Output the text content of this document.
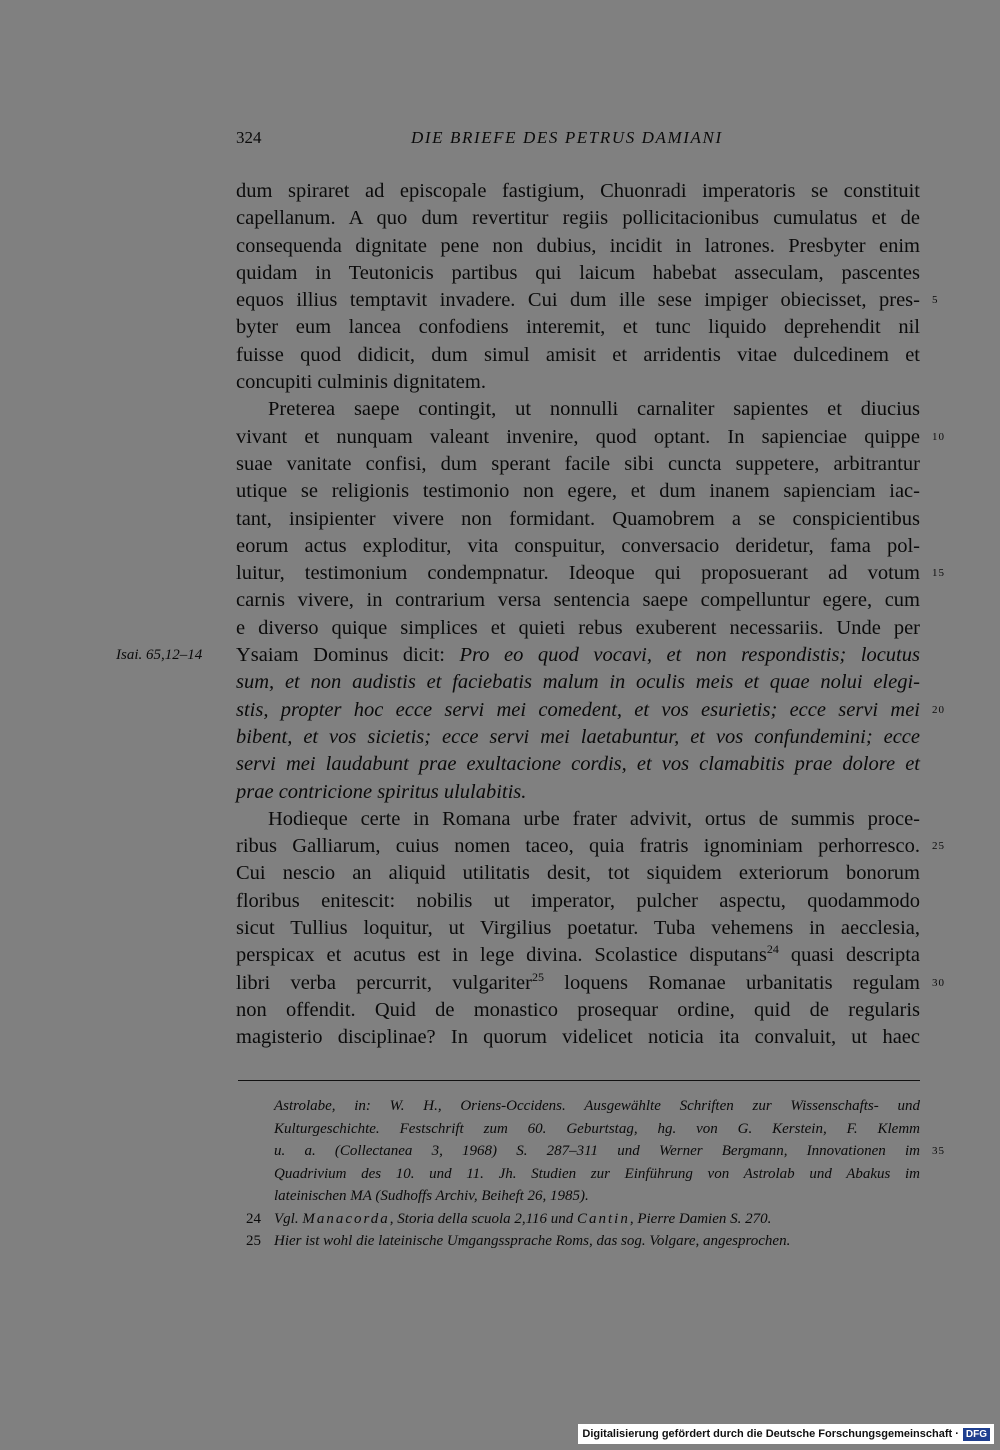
324	DIE BRIEFE DES PETRUS DAMIANI
dum spiraret ad episcopale fastigium, Chuonradi imperatoris se constituit
capellanum. A quo dum revertitur regiis pollicitacionibus cumulatus et de
consequenda dignitate pene non dubius, incidit in latrones. Presbyter enim
quidam in Teutonicis partibus qui laicum habebat asseculam, pascentes
equos illius temptavit invadere. Cui dum ille sese impiger obiecisset, pres- 5
byter eum lancea confodiens interemit, et tunc liquido deprehendit nil
fuisse quod didicit, dum simul amisit et arridentis vitae dulcedinem et
concupiti culminis dignitatem.
Preterea saepe contingit, ut nonnulli carnaliter sapientes et diucius
vivant et nunquam valeant invenire, quod optant. In sapienciae quippe 10
suae vanitate confisi, dum sperant facile sibi cuncta suppetere, arbitrantur
utique se religionis testimonio non egere, et dum inanem sapienciam iac-
tant, insipienter vivere non formidant. Quamobrem a se conspicientibus
eorum actus exploditur, vita conspuitur, conversacio deridetur, fama pol-
luitur, testimonium condempnatur. Ideoque qui proposuerant ad votum 15
carnis vivere, in contrarium versa sentencia saepe compelluntur egere, cum
e diverso quique simplices et quieti rebus exuberent necessariis. Unde per
Isai. 65,12–14 Ysaiam Dominus dicit: Pro eo quod vocavi, et non respondistis; locutus
sum, et non audistis et faciebatis malum in oculis meis et quae nolui elegi-
stis, propter hoc ecce servi mei comedent, et vos esurietis; ecce servi mei 20
bibent, et vos sicietis; ecce servi mei laetabuntur, et vos confundemini; ecce
servi mei laudabunt prae exultacione cordis, et vos clamabitis prae dolore et
prae contricione spiritus ululabitis.
Hodieque certe in Romana urbe frater advivit, ortus de summis proce-
ribus Galliarum, cuius nomen taceo, quia fratris ignominiam perhorresco. 25
Cui nescio an aliquid utilitatis desit, tot siquidem exteriorum bonorum
floribus enitescit: nobilis ut imperator, pulcher aspectu, quodammodo
sicut Tullius loquitur, ut Virgilius poetatur. Tuba vehemens in aecclesia,
perspicax et acutus est in lege divina. Scolastice disputans$^{24}$ quasi descripta
libri verba percurrit, vulgariter$^{25}$ loquens Romanae urbanitatis regulam 30
non offendit. Quid de monastico prosequar ordine, quid de regularis
magisterio disciplinae? In quorum videlicet noticia ita convaluit, ut haec
Astrolabe, in: W. H., Oriens-Occidens. Ausgewählte Schriften zur Wissenschafts- und
Kulturgeschichte. Festschrift zum 60. Geburtstag, hg. von G. Kerstein, F. Klemm
u. a. (Collectanea 3, 1968) S. 287–311 und Werner Bergmann, Innovationen im 35
Quadrivium des 10. und 11. Jh. Studien zur Einführung von Astrolab und Abakus im
lateinischen MA (Sudhoffs Archiv, Beiheft 26, 1985).
24 Vgl. Manacorda, Storia della scuola 2,116 und Cantin, Pierre Damien S. 270.
25 Hier ist wohl die lateinische Umgangssprache Roms, das sog. Volgare, angesprochen.
Digitalisierung gefördert durch die Deutsche Forschungsgemeinschaft · DFG
